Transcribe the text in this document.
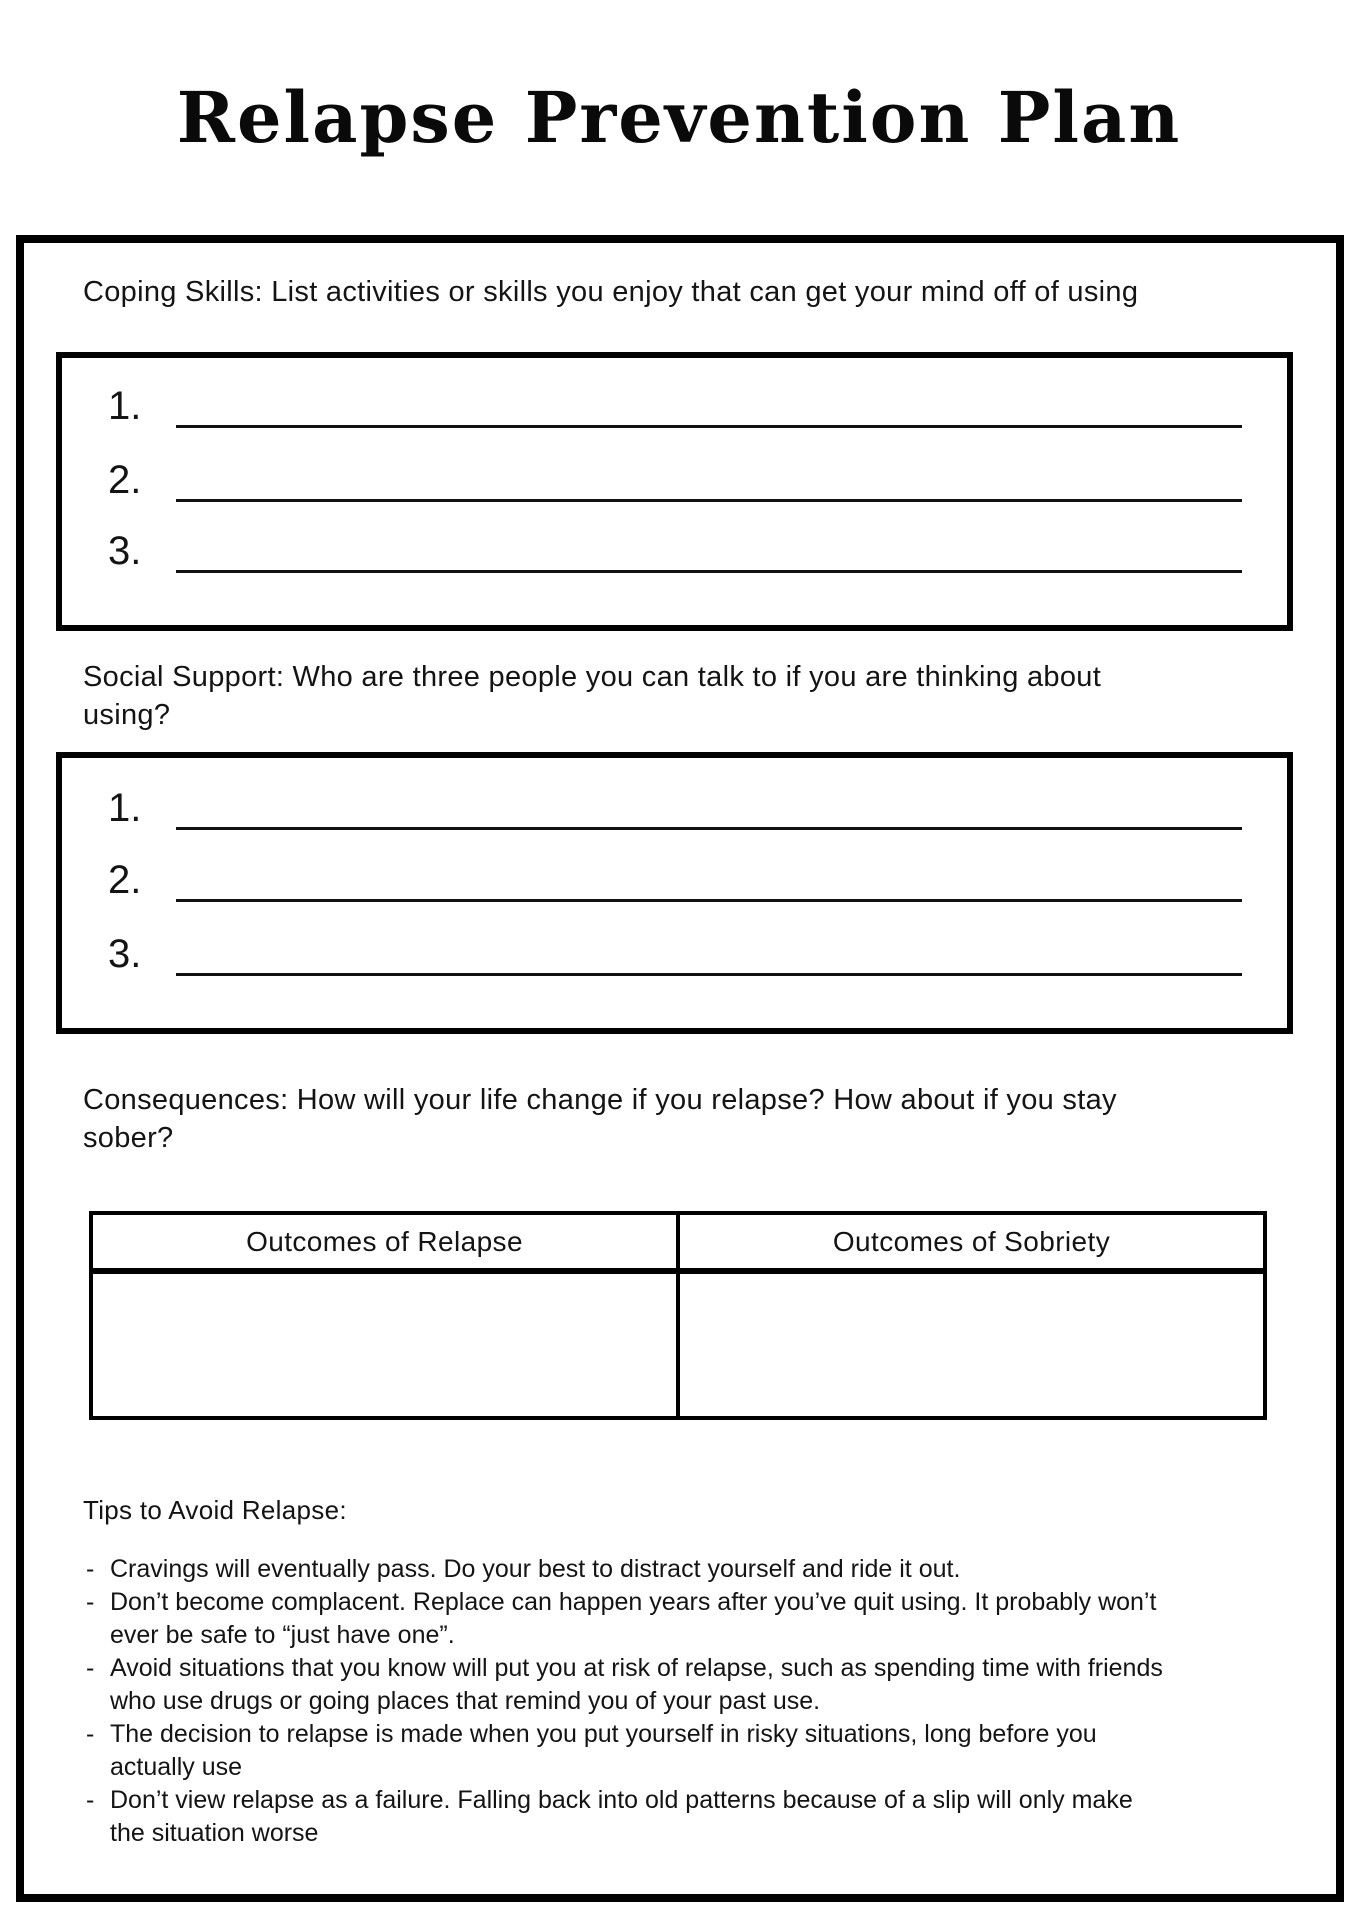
Relapse Prevention Plan
Coping Skills: List activities or skills you enjoy that can get your mind off of using
1.
2.
3.
Social Support: Who are three people you can talk to if you are thinking about using?
1.
2.
3.
Consequences: How will your life change if you relapse? How about if you stay sober?
Outcomes of Relapse	Outcomes of Sobriety

Tips to Avoid Relapse:
- Cravings will eventually pass. Do your best to distract yourself and ride it out.
- Don’t become complacent. Replace can happen years after you’ve quit using. It probably won’t ever be safe to “just have one”.
- Avoid situations that you know will put you at risk of relapse, such as spending time with friends who use drugs or going places that remind you of your past use.
- The decision to relapse is made when you put yourself in risky situations, long before you actually use
- Don’t view relapse as a failure. Falling back into old patterns because of a slip will only make the situation worse
